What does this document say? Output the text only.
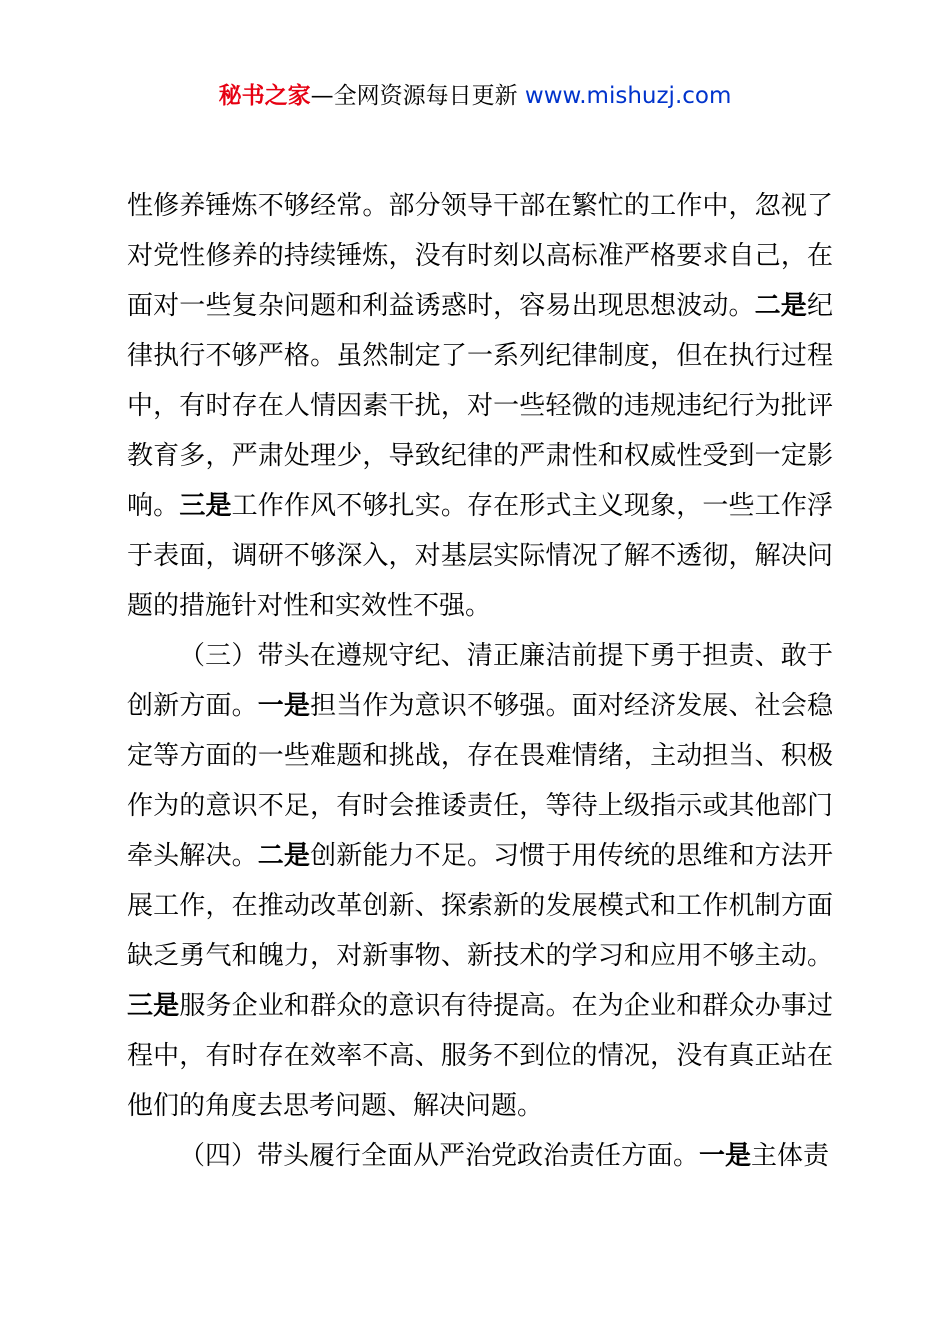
秘书之家—全网资源每日更新 www.mishuzj.com

性修养锤炼不够经常。部分领导干部在繁忙的工作中，忽视了对党性修养的持续锤炼，没有时刻以高标准严格要求自己，在面对一些复杂问题和利益诱惑时，容易出现思想波动。二是纪律执行不够严格。虽然制定了一系列纪律制度，但在执行过程中，有时存在人情因素干扰，对一些轻微的违规违纪行为批评教育多，严肃处理少，导致纪律的严肃性和权威性受到一定影响。三是工作作风不够扎实。存在形式主义现象，一些工作浮于表面，调研不够深入，对基层实际情况了解不透彻，解决问题的措施针对性和实效性不强。

（三）带头在遵规守纪、清正廉洁前提下勇于担责、敢于创新方面。一是担当作为意识不够强。面对经济发展、社会稳定等方面的一些难题和挑战，存在畏难情绪，主动担当、积极作为的意识不足，有时会推诿责任，等待上级指示或其他部门牵头解决。二是创新能力不足。习惯于用传统的思维和方法开展工作，在推动改革创新、探索新的发展模式和工作机制方面缺乏勇气和魄力，对新事物、新技术的学习和应用不够主动。三是服务企业和群众的意识有待提高。在为企业和群众办事过程中，有时存在效率不高、服务不到位的情况，没有真正站在他们的角度去思考问题、解决问题。

（四）带头履行全面从严治党政治责任方面。一是主体责
